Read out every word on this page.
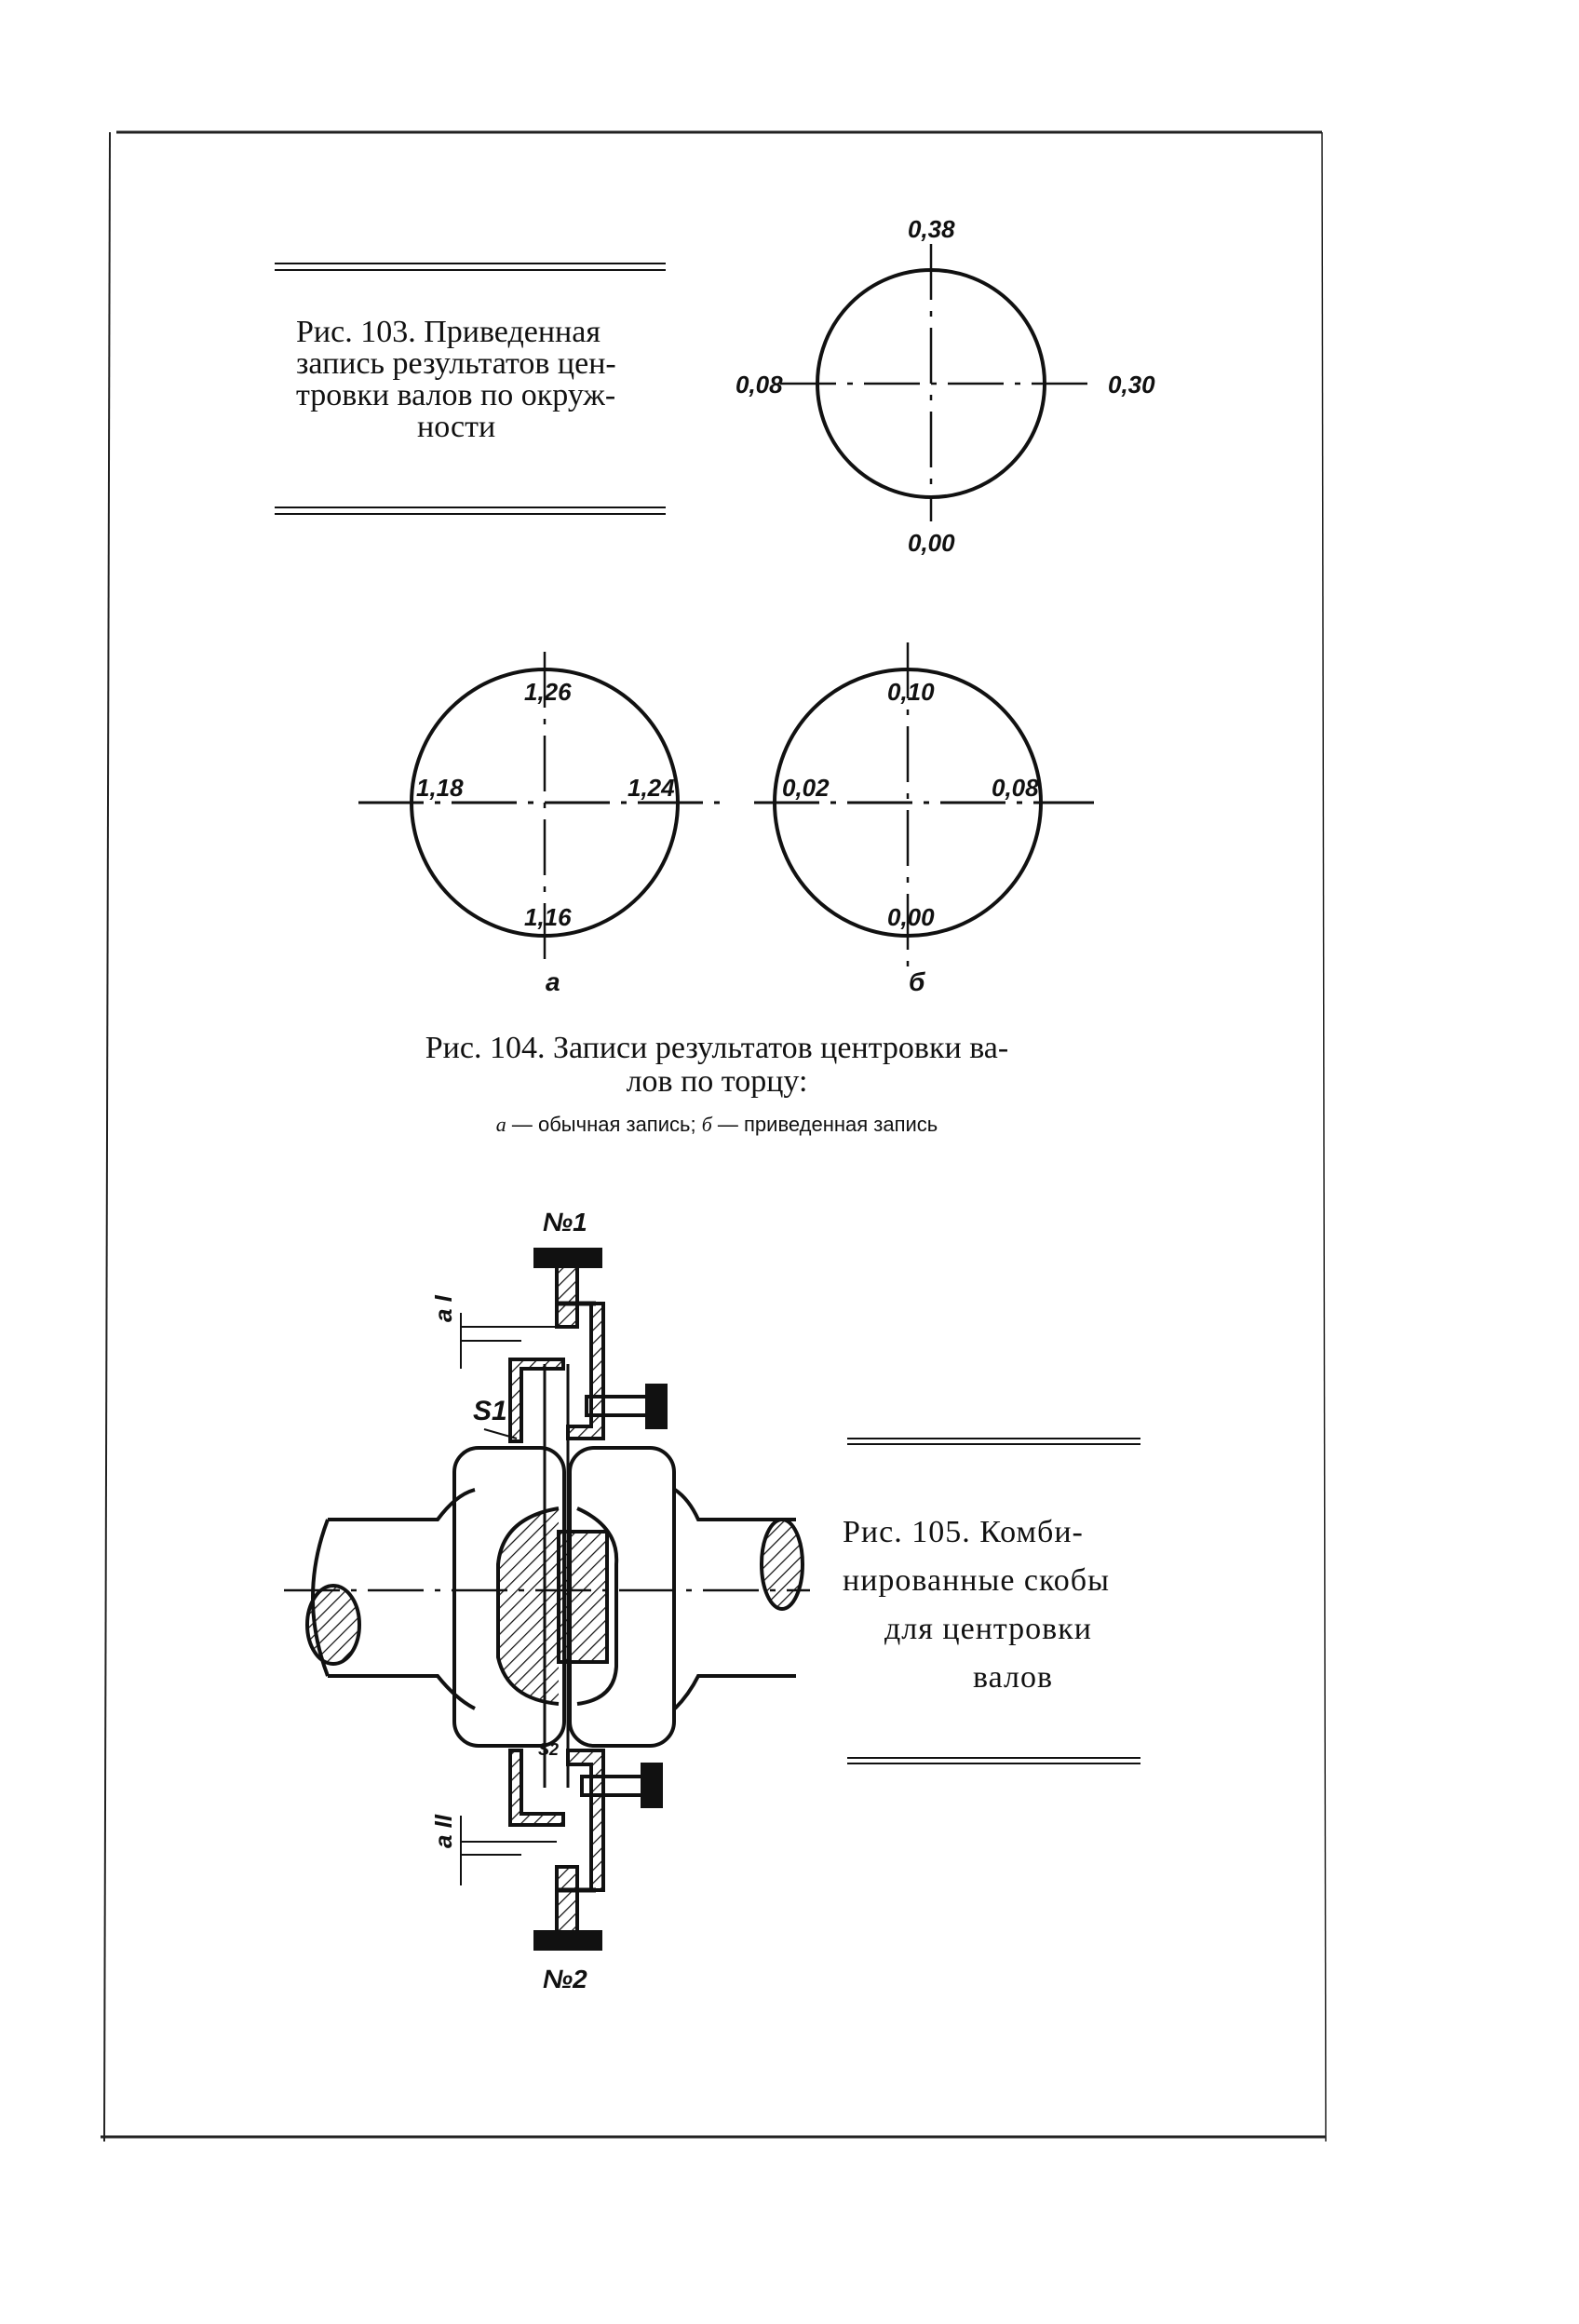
0,38
0,08	0,30
0,00
1,26
1,18	1,24
1,16
а
0,10
0,02	0,08
0,00
б
№1
№2
a I
a II
S1
S2
Рис. 103. Приведенная
запись результатов цен-
тровки валов по окруж-
ности
Рис. 104. Записи результатов центровки ва-
лов по торцу:
а — обычная запись; б — приведенная запись
Рис. 105. Комби-
нированные скобы
для центровки
валов
